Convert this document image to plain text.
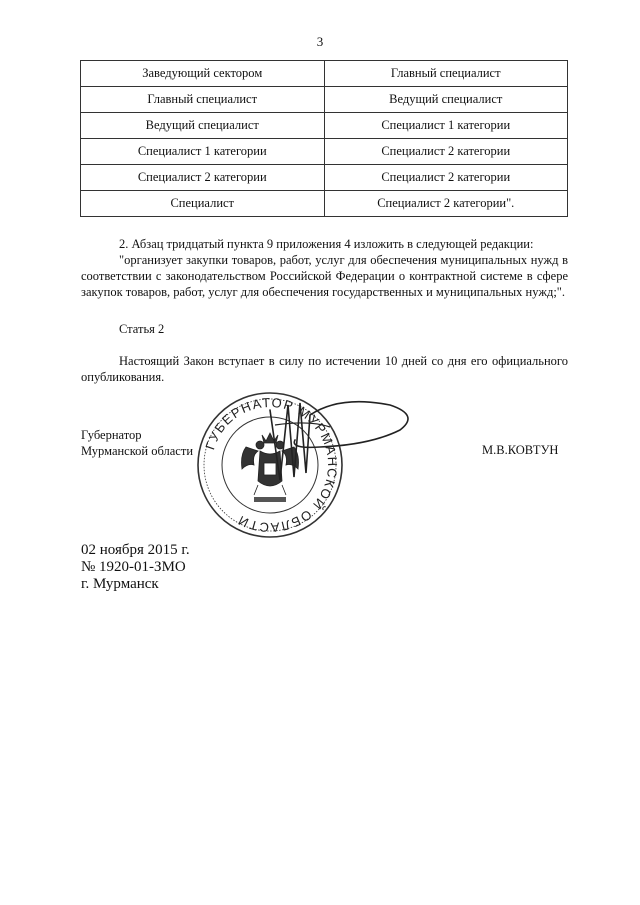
3
Заведующий сектором	Главный специалист
Главный специалист	Ведущий специалист
Ведущий специалист	Специалист 1 категории
Специалист 1 категории	Специалист 2 категории
Специалист 2 категории	Специалист 2 категории
Специалист	Специалист 2 категории".

2. Абзац тридцатый пункта 9 приложения 4 изложить в следующей редакции:

"организует закупки товаров, работ, услуг для обеспечения муниципальных нужд в соответствии с законодательством Российской Федерации о контрактной системе в сфере закупок товаров, работ, услуг для обеспечения государственных и муниципальных нужд;".

Статья 2

Настоящий Закон вступает в силу по истечении 10 дней со дня его официального опубликования.

Губернатор
Мурманской области ГУБЕРНАТОР МУРМАНСКОЙ ОБЛАСТИ
М.В.КОВТУН
02 ноября 2015 г.
№ 1920-01-ЗМО
г. Мурманск
